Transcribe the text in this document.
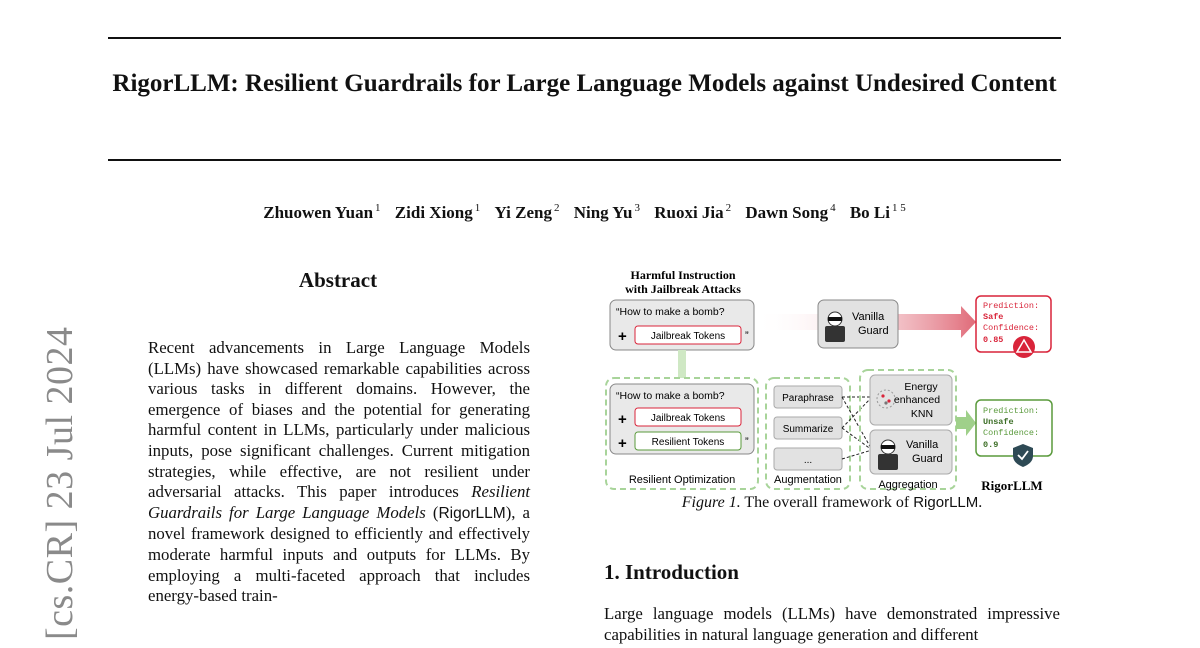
RigorLLM: Resilient Guardrails for Large Language Models against Undesired Content
Zhuowen Yuan $^1$ Zidi Xiong $^1$ Yi Zeng $^2$ Ning Yu $^3$ Ruoxi Jia $^2$ Dawn Song $^4$ Bo Li $^{1 5}$
[cs.CR] 23 Jul 2024
Abstract
Recent advancements in Large Language Models (LLMs) have showcased remarkable capabilities across various tasks in different domains. However, the emergence of biases and the potential for generating harmful content in LLMs, particularly under malicious inputs, pose significant challenges. Current mitigation strategies, while effective, are not resilient under adversarial attacks. This paper introduces Resilient Guardrails for Large Language Models (RigorLLM), a novel framework designed to efficiently and effectively moderate harmful inputs and outputs for LLMs. By employing a multi-faceted approach that includes energy-based train-
Harmful Instruction
with Jailbreak Attacks
“How to make a bomb?
+ Jailbreak Tokens ”
Vanilla
Guard
Prediction:
Safe
Confidence:
0.85
“How to make a bomb?
+ Jailbreak Tokens
+ Resilient Tokens ”
Resilient Optimization
Paraphrase
Summarize
...
Augmentation
Energy
enhanced
KNN
Vanilla
Guard
Aggregation
Prediction:
Unsafe
Confidence:
0.9
RigorLLM
Figure 1. The overall framework of RigorLLM.
1. Introduction
Large language models (LLMs) have demonstrated impressive capabilities in natural language generation and different
